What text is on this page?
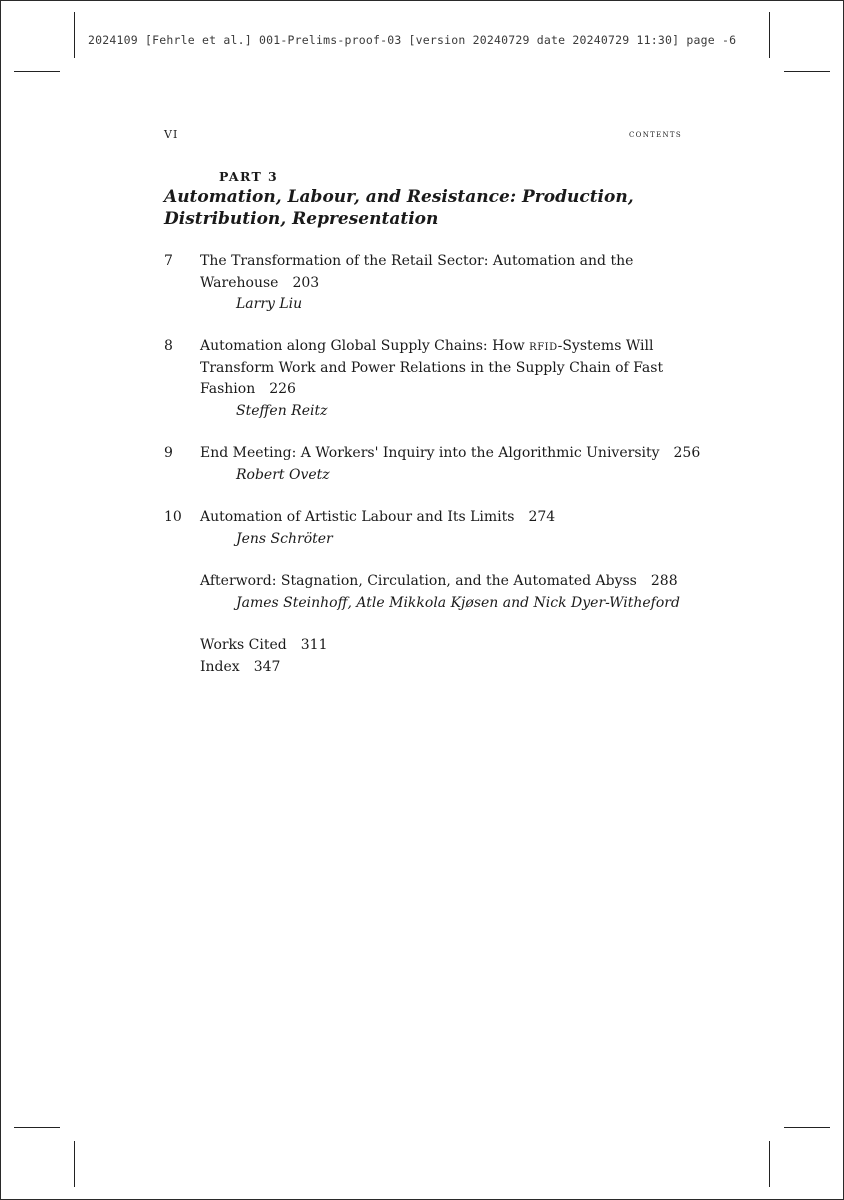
2024109 [Fehrle et al.] 001-Prelims-proof-03 [version 20240729 date 20240729 11:30] page -6
VI	contents
PART 3
Automation, Labour, and Resistance: Production, Distribution, Representation
7 The Transformation of the Retail Sector: Automation and the Warehouse 203
Larry Liu
8 Automation along Global Supply Chains: How rfid-Systems Will Transform Work and Power Relations in the Supply Chain of Fast Fashion 226
Steffen Reitz
9 End Meeting: A Workers' Inquiry into the Algorithmic University 256
Robert Ovetz
10 Automation of Artistic Labour and Its Limits 274
Jens Schröter
Afterword: Stagnation, Circulation, and the Automated Abyss 288
James Steinhoff, Atle Mikkola Kjøsen and Nick Dyer-Witheford
Works Cited 311
Index 347
